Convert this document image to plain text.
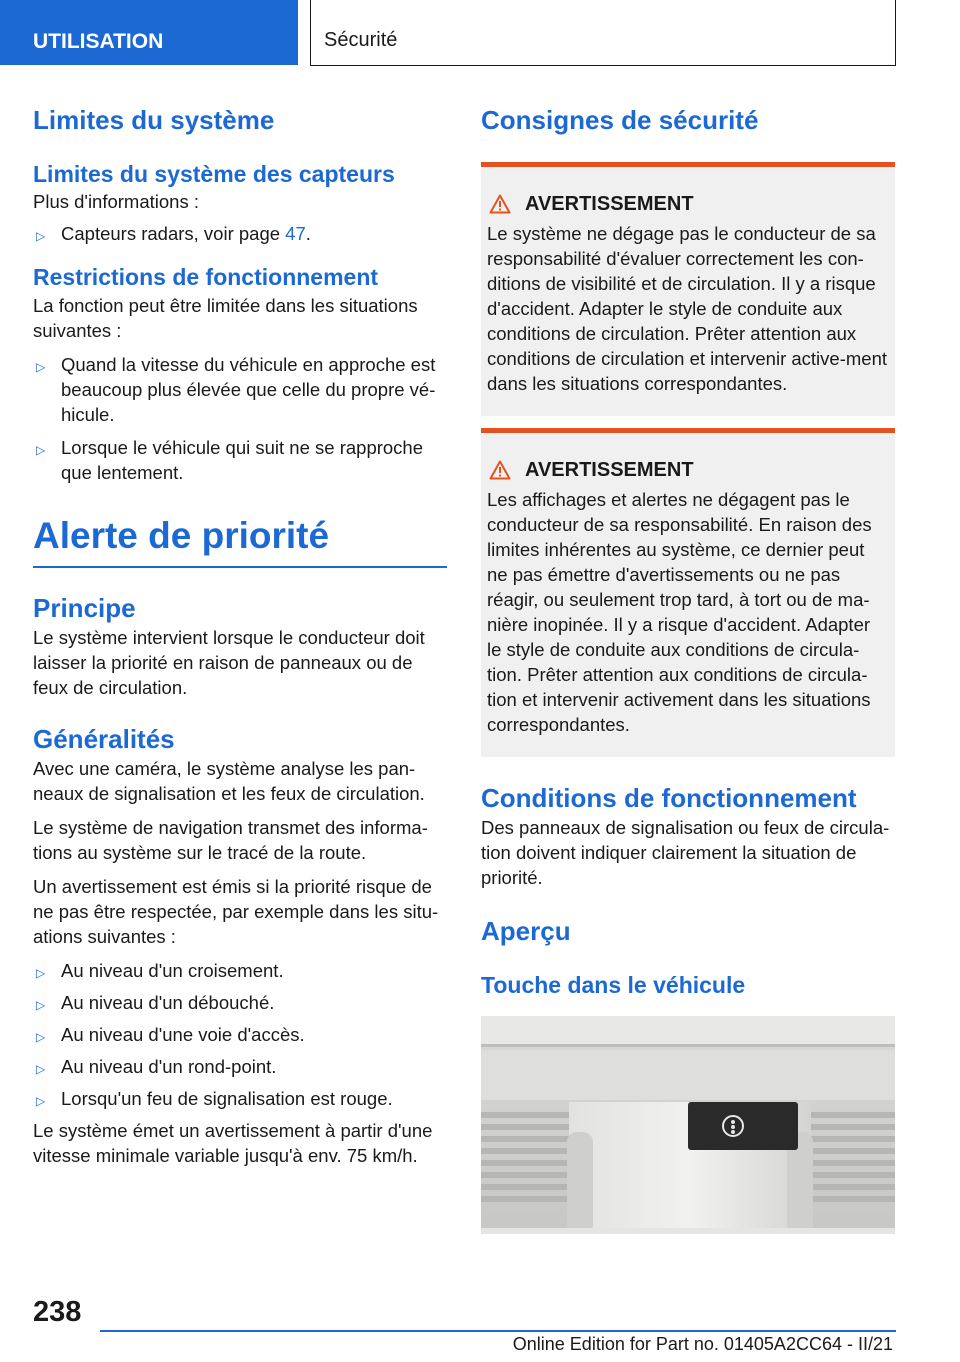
UTILISATION	Sécurité
Limites du système
Limites du système des capteurs

Plus d'informations :

▷ Capteurs radars, voir page 47.
Restrictions de fonctionnement

La fonction peut être limitée dans les situations suivantes :

▷ Quand la vitesse du véhicule en approche est beaucoup plus élevée que celle du propre vé-hicule.
▷ Lorsque le véhicule qui suit ne se rapproche que lentement.
Alerte de priorité
Principe

Le système intervient lorsque le conducteur doit laisser la priorité en raison de panneaux ou de feux de circulation.

Généralités

Avec une caméra, le système analyse les pan-neaux de signalisation et les feux de circulation.

Le système de navigation transmet des informa-tions au système sur le tracé de la route.

Un avertissement est émis si la priorité risque de ne pas être respectée, par exemple dans les situ-ations suivantes :

▷ Au niveau d'un croisement.
▷ Au niveau d'un débouché.
▷ Au niveau d'une voie d'accès.
▷ Au niveau d'un rond-point.
▷ Lorsqu'un feu de signalisation est rouge.

Le système émet un avertissement à partir d'une vitesse minimale variable jusqu'à env. 75 km/h.

Consignes de sécurité
AVERTISSEMENT

Le système ne dégage pas le conducteur de sa responsabilité d'évaluer correctement les con-ditions de visibilité et de circulation. Il y a risque d'accident. Adapter le style de conduite aux conditions de circulation. Prêter attention aux conditions de circulation et intervenir active-ment dans les situations correspondantes.

AVERTISSEMENT

Les affichages et alertes ne dégagent pas le conducteur de sa responsabilité. En raison des limites inhérentes au système, ce dernier peut ne pas émettre d'avertissements ou ne pas réagir, ou seulement trop tard, à tort ou de ma-nière inopinée. Il y a risque d'accident. Adapter le style de conduite aux conditions de circula-tion. Prêter attention aux conditions de circula-tion et intervenir activement dans les situations correspondantes.

Conditions de fonctionnement

Des panneaux de signalisation ou feux de circula-tion doivent indiquer clairement la situation de priorité.

Aperçu
Touche dans le véhicule
238
Online Edition for Part no. 01405A2CC64 - II/21
